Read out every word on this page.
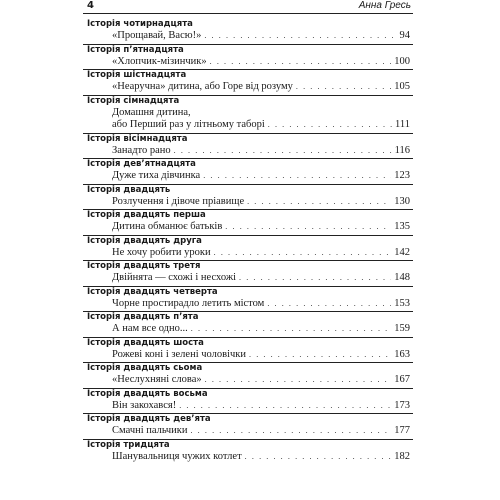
4	Анна Гресь
Історія чотирнадцята
«Прощавай, Васю!» . . .	94
Історія п’ятнадцята
«Хлопчик-мізинчик» . . .	100
Історія шістнадцята
«Неаручна» дитина, або Горе від розуму . . .	105
Історія сімнадцята
Домашня дитина,
або Перший раз у літньому таборі . . .	111
Історія вісімнадцята
Занадто рано . . .	116
Історія дев’ятнадцята
Дуже тиха дівчинка . . .	123
Історія двадцять
Розлучення і дівоче пріавище . . .	130
Історія двадцять перша
Дитина обманює батьків . . .	135
Історія двадцять друга
Не хочу робити уроки . . .	142
Історія двадцять третя
Двійнята — схожі і несхожі . . .	148
Історія двадцять четверта
Чорне простирадло летить містом . . .	153
Історія двадцять п’ята
А нам все одно... . . .	159
Історія двадцять шоста
Рожеві коні і зелені чоловічки . . .	163
Історія двадцять сьома
«Неслухняні слова» . . .	167
Історія двадцять восьма
Він закохався! . . .	173
Історія двадцять дев’ята
Смачні пальчики . . .	177
Історія тридцята
Шанувальниця чужих котлет . . .	182
